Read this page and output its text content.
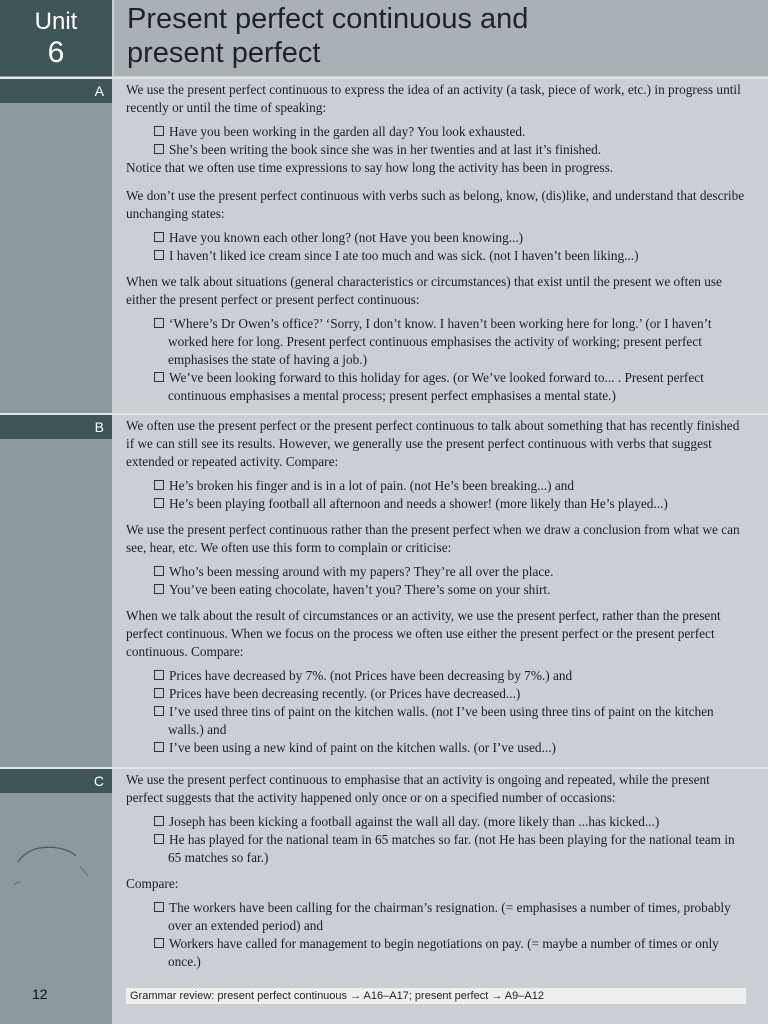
Unit
6
Present perfect continuous and
present perfect
A	We use the present perfect continuous to express the idea of an activity (a task, piece of work, etc.) in progress until recently or until the time of speaking:

Have you been working in the garden all day? You look exhausted.
She’s been writing the book since she was in her twenties and at last it’s finished.

Notice that we often use time expressions to say how long the activity has been in progress.

We don’t use the present perfect continuous with verbs such as belong, know, (dis)like, and understand that describe unchanging states:

Have you known each other long? (not Have you been knowing...)
I haven’t liked ice cream since I ate too much and was sick. (not I haven’t been liking...)

When we talk about situations (general characteristics or circumstances) that exist until the present we often use either the present perfect or present perfect continuous:

‘Where’s Dr Owen’s office?’ ‘Sorry, I don’t know. I haven’t been working here for long.’ (or I haven’t worked here for long. Present perfect continuous emphasises the activity of working; present perfect emphasises the state of having a job.)
We’ve been looking forward to this holiday for ages. (or We’ve looked forward to... . Present perfect continuous emphasises a mental process; present perfect emphasises a mental state.)
B	We often use the present perfect or the present perfect continuous to talk about something that has recently finished if we can still see its results. However, we generally use the present perfect continuous with verbs that suggest extended or repeated activity. Compare:

He’s broken his finger and is in a lot of pain. (not He’s been breaking...) and
He’s been playing football all afternoon and needs a shower! (more likely than He’s played...)

We use the present perfect continuous rather than the present perfect when we draw a conclusion from what we can see, hear, etc. We often use this form to complain or criticise:

Who’s been messing around with my papers? They’re all over the place.
You’ve been eating chocolate, haven’t you? There’s some on your shirt.

When we talk about the result of circumstances or an activity, we use the present perfect, rather than the present perfect continuous. When we focus on the process we often use either the present perfect or the present perfect continuous. Compare:

Prices have decreased by 7%. (not Prices have been decreasing by 7%.) and
Prices have been decreasing recently. (or Prices have decreased...)
I’ve used three tins of paint on the kitchen walls. (not I’ve been using three tins of paint on the kitchen walls.) and
I’ve been using a new kind of paint on the kitchen walls. (or I’ve used...)
C	We use the present perfect continuous to emphasise that an activity is ongoing and repeated, while the present perfect suggests that the activity happened only once or on a specified number of occasions:

Joseph has been kicking a football against the wall all day. (more likely than ...has kicked...)
He has played for the national team in 65 matches so far. (not He has been playing for the national team in 65 matches so far.)

Compare:

The workers have been calling for the chairman’s resignation. (= emphasises a number of times, probably over an extended period) and
Workers have called for management to begin negotiations on pay. (= maybe a number of times or only once.)
12	Grammar review: present perfect continuous → A16–A17; present perfect → A9–A12
